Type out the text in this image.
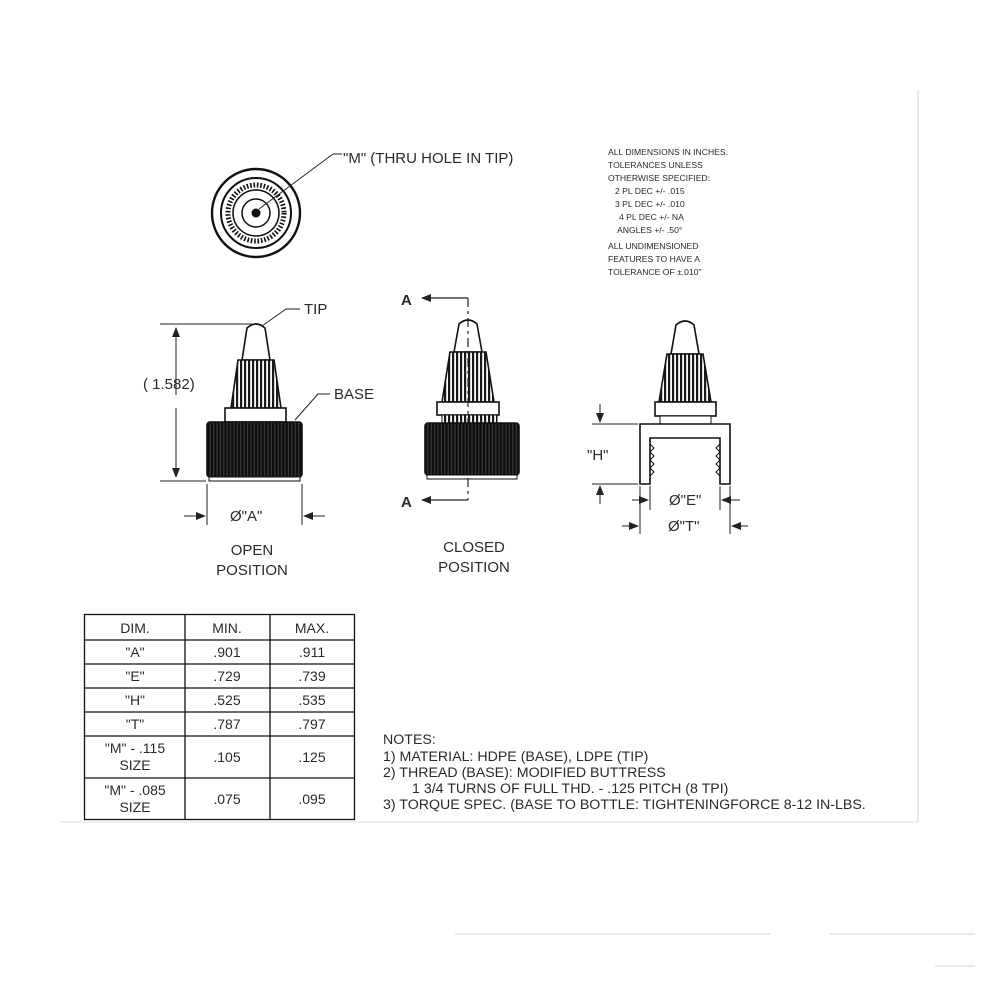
"M" (THRU HOLE IN TIP)
( 1.582)
Ø"A"
TIP
BASE
OPEN
POSITION
A
A
CLOSED
POSITION
"H"
Ø"E"
Ø"T"
ALL DIMENSIONS IN INCHES.
TOLERANCES UNLESS
OTHERWISE SPECIFIED:
2 PL DEC +/- .015
3 PL DEC +/- .010
4 PL DEC +/- NA
ANGLES +/- .50°
ALL UNDIMENSIONED
FEATURES TO HAVE A
TOLERANCE OF ±.010"
DIM.	MIN.	MAX.
"A"	.901	.911
"E"	.729	.739
"H"	.525	.535
"T"	.787	.797
"M" - .115
SIZE	.105	.125
"M" - .085
SIZE	.075	.095
NOTES:
1) MATERIAL: HDPE (BASE), LDPE (TIP)
2) THREAD (BASE): MODIFIED BUTTRESS
1 3/4 TURNS OF FULL THD. - .125 PITCH (8 TPI)
3) TORQUE SPEC. (BASE TO BOTTLE: TIGHTENINGFORCE 8-12 IN-LBS.
